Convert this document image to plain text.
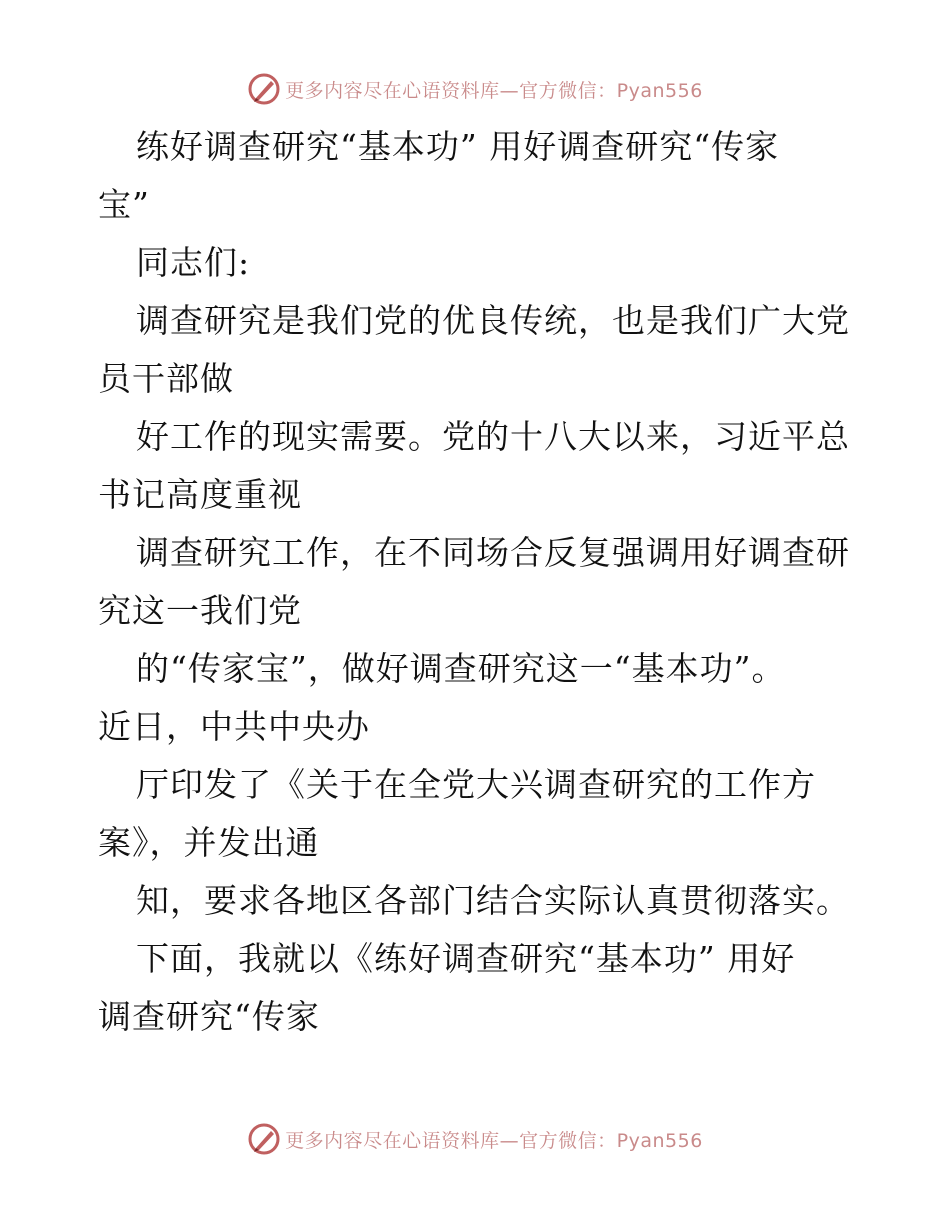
更多内容尽在心语资料库—官方微信：Pyan556
练好调查研究“基本功” 用好调查研究“传家
宝”
同志们:
调查研究是我们党的优良传统，也是我们广大党
员干部做
好工作的现实需要。党的十八大以来，习近平总
书记高度重视
调查研究工作，在不同场合反复强调用好调查研
究这一我们党
的“传家宝”，做好调查研究这一“基本功”。
近日，中共中央办
厅印发了《关于在全党大兴调查研究的工作方
案》，并发出通
知，要求各地区各部门结合实际认真贯彻落实。
下面，我就以《练好调查研究“基本功” 用好
调查研究“传家
更多内容尽在心语资料库—官方微信：Pyan556
